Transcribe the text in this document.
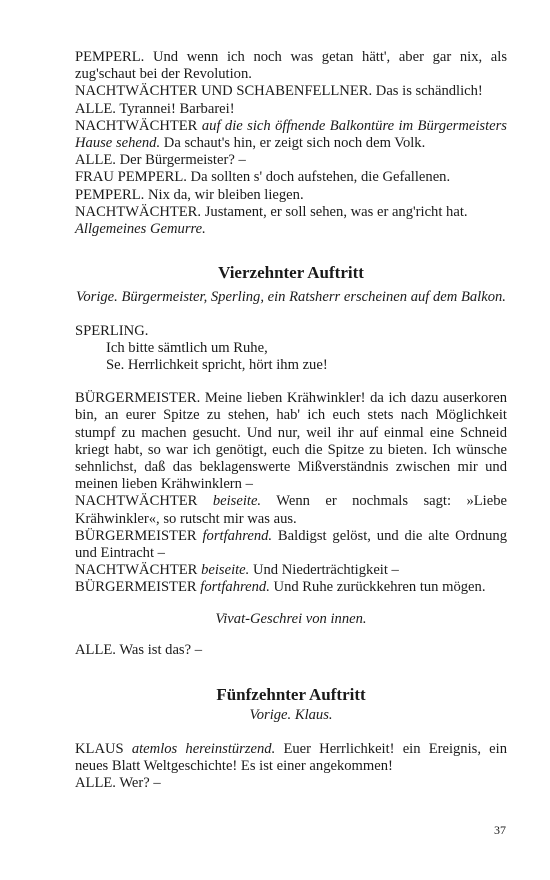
PEMPERL. Und wenn ich noch was getan hätt', aber gar nix, als zug'schaut bei der Revolution.

NACHTWÄCHTER UND SCHABENFELLNER. Das is schändlich!

ALLE. Tyrannei! Barbarei!

NACHTWÄCHTER auf die sich öffnende Balkontüre im Bürgermeisters Hause sehend. Da schaut's hin, er zeigt sich noch dem Volk.

ALLE. Der Bürgermeister? –

FRAU PEMPERL. Da sollten s' doch aufstehen, die Gefallenen.

PEMPERL. Nix da, wir bleiben liegen.

NACHTWÄCHTER. Justament, er soll sehen, was er ang'richt hat.

Allgemeines Gemurre.

Vierzehnter Auftritt

Vorige. Bürgermeister, Sperling, ein Ratsherr erscheinen auf dem Balkon.

SPERLING.

Ich bitte sämtlich um Ruhe,

Se. Herrlichkeit spricht, hört ihm zue!

BÜRGERMEISTER. Meine lieben Krähwinkler! da ich dazu auserkoren bin, an eurer Spitze zu stehen, hab' ich euch stets nach Möglichkeit stumpf zu machen gesucht. Und nur, weil ihr auf einmal eine Schneid kriegt habt, so war ich genötigt, euch die Spitze zu bieten. Ich wünsche sehnlichst, daß das beklagenswerte Mißverständnis zwischen mir und meinen lieben Krähwinklern –

NACHTWÄCHTER beiseite. Wenn er nochmals sagt: »Liebe Krähwinkler«, so rutscht mir was aus.

BÜRGERMEISTER fortfahrend. Baldigst gelöst, und die alte Ordnung und Eintracht –

NACHTWÄCHTER beiseite. Und Niederträchtigkeit –

BÜRGERMEISTER fortfahrend. Und Ruhe zurückkehren tun mögen.

Vivat-Geschrei von innen.

ALLE. Was ist das? –

Fünfzehnter Auftritt

Vorige. Klaus.

KLAUS atemlos hereinstürzend. Euer Herrlichkeit! ein Ereignis, ein neues Blatt Weltgeschichte! Es ist einer angekommen!

ALLE. Wer? –

37
